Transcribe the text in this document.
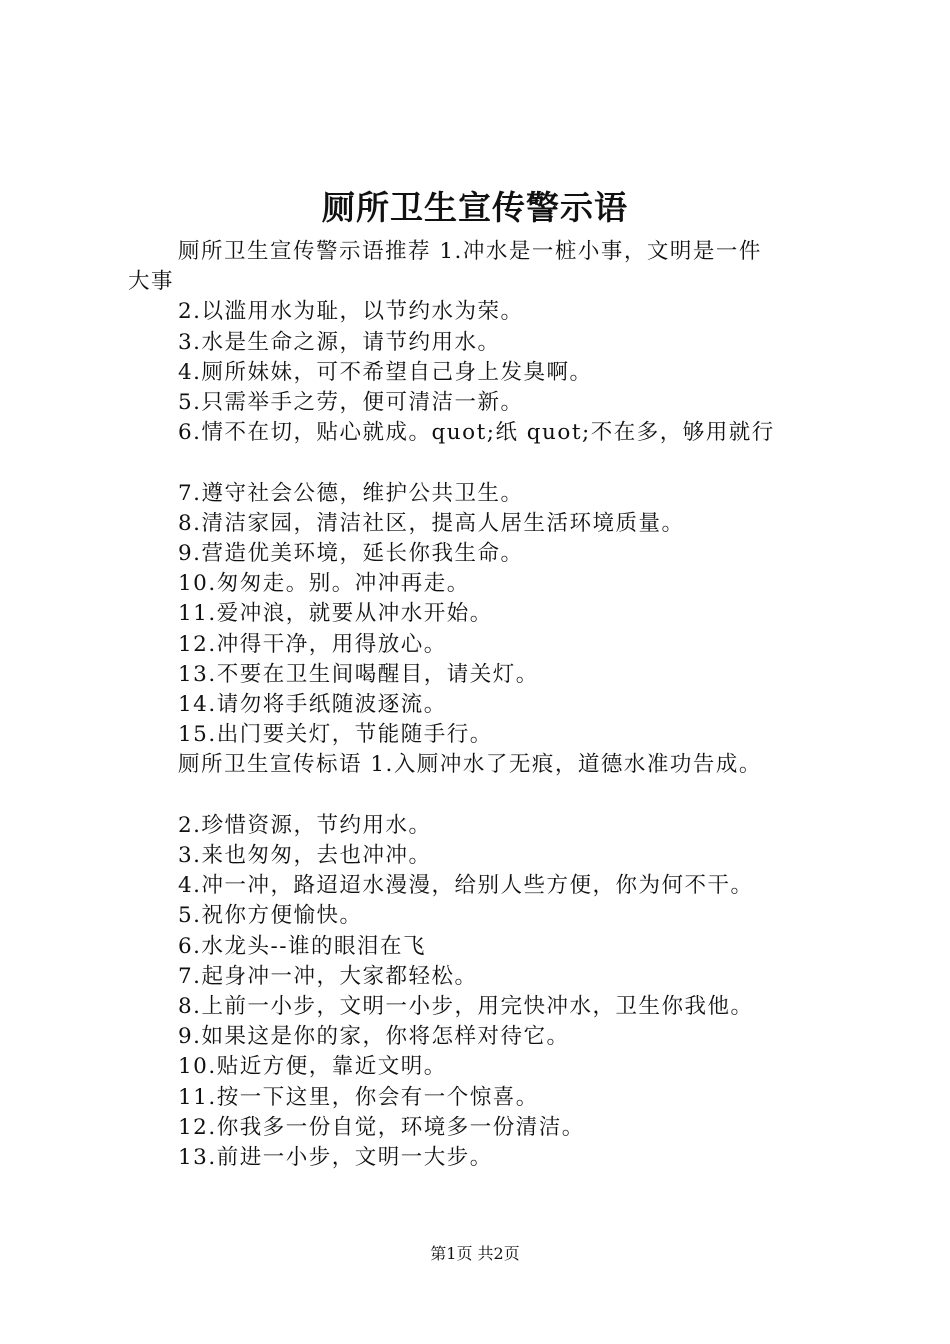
厕所卫生宣传警示语

厕所卫生宣传警示语推荐 1.冲水是一桩小事，文明是一件
大事

2.以滥用水为耻，以节约水为荣。

3.水是生命之源，请节约用水。

4.厕所妹妹，可不希望自己身上发臭啊。

5.只需举手之劳，便可清洁一新。

6.情不在切，贴心就成。quot;纸 quot;不在多，够用就行

7.遵守社会公德，维护公共卫生。

8.清洁家园，清洁社区，提高人居生活环境质量。

9.营造优美环境，延长你我生命。

10.匆匆走。别。冲冲再走。

11.爱冲浪，就要从冲水开始。

12.冲得干净，用得放心。

13.不要在卫生间喝醒目，请关灯。

14.请勿将手纸随波逐流。

15.出门要关灯，节能随手行。

厕所卫生宣传标语 1.入厕冲水了无痕，道德水准功告成。

2.珍惜资源，节约用水。

3.来也匆匆，去也冲冲。

4.冲一冲，路迢迢水漫漫，给别人些方便，你为何不干。

5.祝你方便愉快。

6.水龙头--谁的眼泪在飞

7.起身冲一冲，大家都轻松。

8.上前一小步，文明一小步，用完快冲水，卫生你我他。

9.如果这是你的家，你将怎样对待它。

10.贴近方便，靠近文明。

11.按一下这里，你会有一个惊喜。

12.你我多一份自觉，环境多一份清洁。

13.前进一小步，文明一大步。

第1页 共2页
